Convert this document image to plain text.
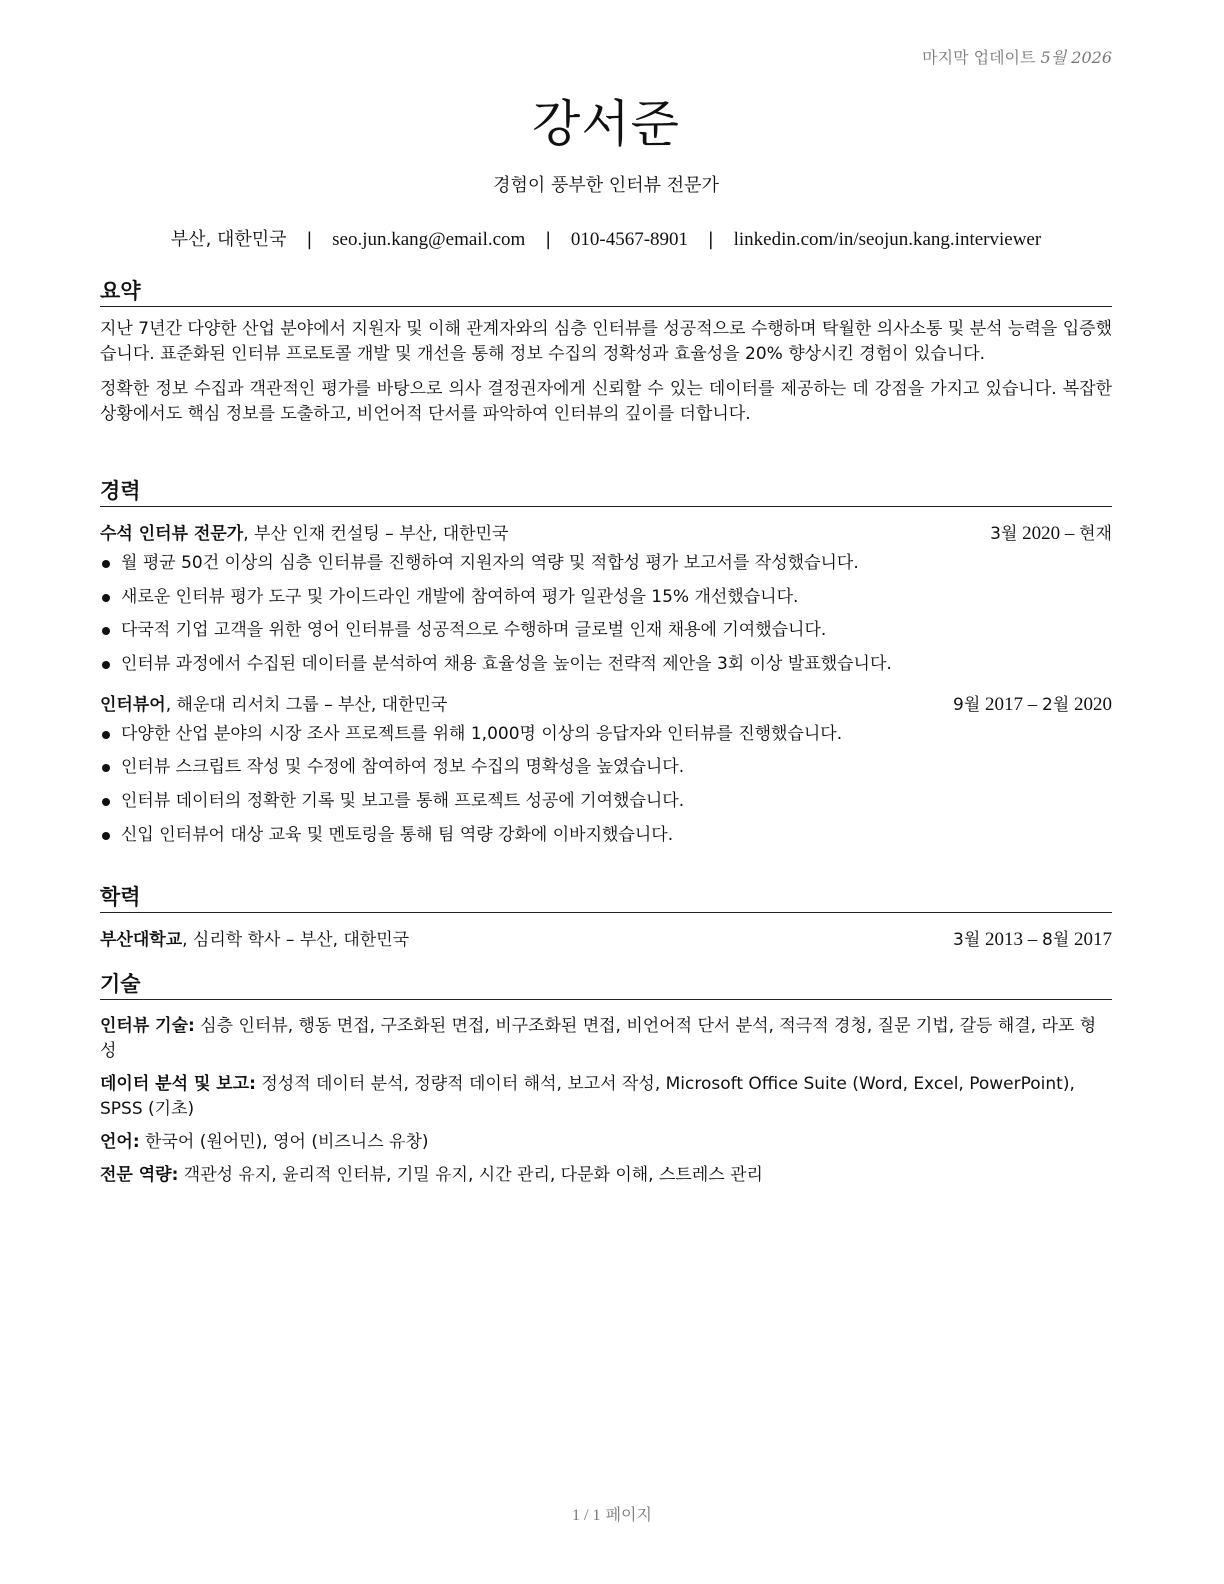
마지막 업데이트 5월 2026
강서준
경험이 풍부한 인터뷰 전문가
부산, 대한민국 | seo.jun.kang@email.com | 010-4567-8901 | linkedin.com/in/seojun.kang.interviewer
요약

지난 7년간 다양한 산업 분야에서 지원자 및 이해 관계자와의 심층 인터뷰를 성공적으로 수행하며 탁월한 의사소통 및 분석 능력을 입증했습니다. 표준화된 인터뷰 프로토콜 개발 및 개선을 통해 정보 수집의 정확성과 효율성을 20% 향상시킨 경험이 있습니다.

정확한 정보 수집과 객관적인 평가를 바탕으로 의사 결정권자에게 신뢰할 수 있는 데이터를 제공하는 데 강점을 가지고 있습니다. 복잡한 상황에서도 핵심 정보를 도출하고, 비언어적 단서를 파악하여 인터뷰의 깊이를 더합니다.

경력
수석 인터뷰 전문가, 부산 인재 컨설팅 – 부산, 대한민국	3월 2020 – 현재
월 평균 50건 이상의 심층 인터뷰를 진행하여 지원자의 역량 및 적합성 평가 보고서를 작성했습니다.
새로운 인터뷰 평가 도구 및 가이드라인 개발에 참여하여 평가 일관성을 15% 개선했습니다.
다국적 기업 고객을 위한 영어 인터뷰를 성공적으로 수행하며 글로벌 인재 채용에 기여했습니다.
인터뷰 과정에서 수집된 데이터를 분석하여 채용 효율성을 높이는 전략적 제안을 3회 이상 발표했습니다.
인터뷰어, 해운대 리서치 그룹 – 부산, 대한민국	9월 2017 – 2월 2020
다양한 산업 분야의 시장 조사 프로젝트를 위해 1,000명 이상의 응답자와 인터뷰를 진행했습니다.
인터뷰 스크립트 작성 및 수정에 참여하여 정보 수집의 명확성을 높였습니다.
인터뷰 데이터의 정확한 기록 및 보고를 통해 프로젝트 성공에 기여했습니다.
신입 인터뷰어 대상 교육 및 멘토링을 통해 팀 역량 강화에 이바지했습니다.
학력
부산대학교, 심리학 학사 – 부산, 대한민국	3월 2013 – 8월 2017
기술

인터뷰 기술: 심층 인터뷰, 행동 면접, 구조화된 면접, 비구조화된 면접, 비언어적 단서 분석, 적극적 경청, 질문 기법, 갈등 해결, 라포 형성

데이터 분석 및 보고: 정성적 데이터 분석, 정량적 데이터 해석, 보고서 작성, Microsoft Office Suite (Word, Excel, PowerPoint), SPSS (기초)

언어: 한국어 (원어민), 영어 (비즈니스 유창)

전문 역량: 객관성 유지, 윤리적 인터뷰, 기밀 유지, 시간 관리, 다문화 이해, 스트레스 관리

1 / 1 페이지
